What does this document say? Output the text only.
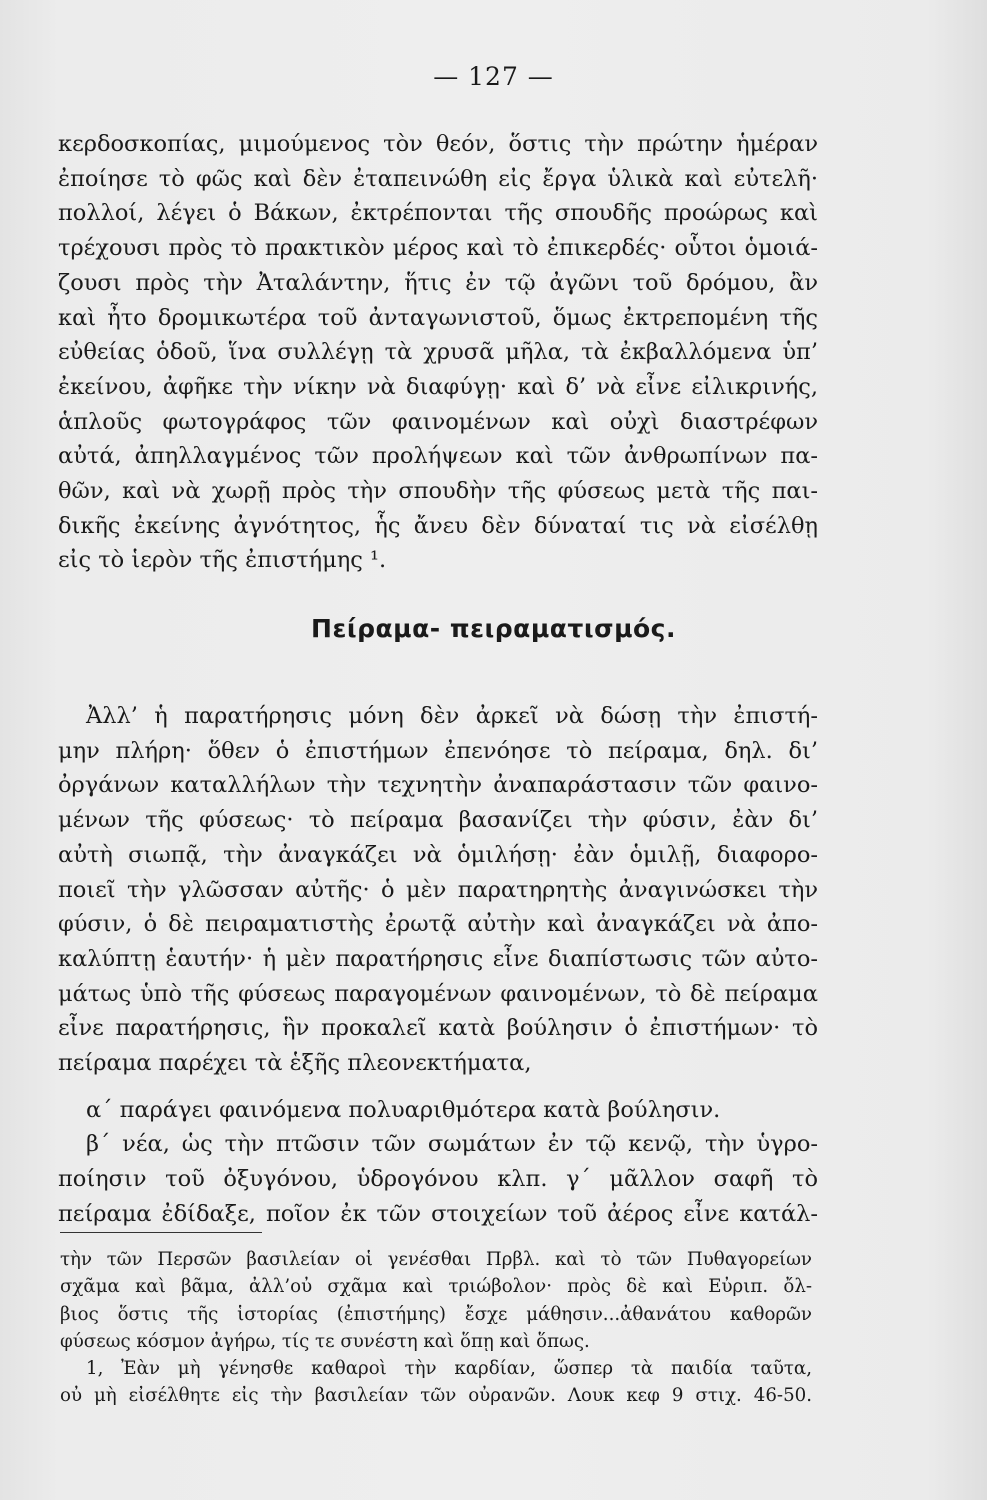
— 127 —
κερδοσκοπίας, μιμούμενος τὸν θεόν, ὅστις τὴν πρώτην ἡμέραν
ἐποίησε τὸ φῶς καὶ δὲν ἐταπεινώθη εἰς ἔργα ὑλικὰ καὶ εὐτελῆ·
πολλοί, λέγει ὁ Βάκων, ἐκτρέπονται τῆς σπουδῆς προώρως καὶ
τρέχουσι πρὸς τὸ πρακτικὸν μέρος καὶ τὸ ἐπικερδές· οὗτοι ὁμοιά-
ζουσι πρὸς τὴν Ἀταλάντην, ἥτις ἐν τῷ ἀγῶνι τοῦ δρόμου, ἂν
καὶ ἦτο δρομικωτέρα τοῦ ἀνταγωνιστοῦ, ὅμως ἐκτρεπομένη τῆς
εὐθείας ὁδοῦ, ἵνα συλλέγῃ τὰ χρυσᾶ μῆλα, τὰ ἐκβαλλόμενα ὑπ’
ἐκείνου, ἀφῆκε τὴν νίκην νὰ διαφύγῃ· καὶ δ’ νὰ εἶνε εἰλικρινής,
ἁπλοῦς φωτογράφος τῶν φαινομένων καὶ οὐχὶ διαστρέφων
αὐτά, ἀπηλλαγμένος τῶν προλήψεων καὶ τῶν ἀνθρωπίνων πα-
θῶν, καὶ νὰ χωρῇ πρὸς τὴν σπουδὴν τῆς φύσεως μετὰ τῆς παι-
δικῆς ἐκείνης ἀγνότητος, ἧς ἄνευ δὲν δύναταί τις νὰ εἰσέλθῃ
εἰς τὸ ἱερὸν τῆς ἐπιστήμης ¹.
Πείραμα- πειραματισμός.
Ἀλλ’ ἡ παρατήρησις μόνη δὲν ἀρκεῖ νὰ δώσῃ τὴν ἐπιστή-
μην πλήρη· ὅθεν ὁ ἐπιστήμων ἐπενόησε τὸ πείραμα, δηλ. δι’
ὀργάνων καταλλήλων τὴν τεχνητὴν ἀναπαράστασιν τῶν φαινο-
μένων τῆς φύσεως· τὸ πείραμα βασανίζει τὴν φύσιν, ἐὰν δι’
αὐτὴ σιωπᾷ, τὴν ἀναγκάζει νὰ ὁμιλήσῃ· ἐὰν ὁμιλῇ, διαφορο-
ποιεῖ τὴν γλῶσσαν αὐτῆς· ὁ μὲν παρατηρητὴς ἀναγινώσκει τὴν
φύσιν, ὁ δὲ πειραματιστὴς ἐρωτᾷ αὐτὴν καὶ ἀναγκάζει νὰ ἀπο-
καλύπτῃ ἑαυτήν· ἡ μὲν παρατήρησις εἶνε διαπίστωσις τῶν αὐτο-
μάτως ὑπὸ τῆς φύσεως παραγομένων φαινομένων, τὸ δὲ πείραμα
εἶνε παρατήρησις, ἣν προκαλεῖ κατὰ βούλησιν ὁ ἐπιστήμων· τὸ
πείραμα παρέχει τὰ ἑξῆς πλεονεκτήματα,
α΄ παράγει φαινόμενα πολυαριθμότερα κατὰ βούλησιν.
β΄ νέα, ὡς τὴν πτῶσιν τῶν σωμάτων ἐν τῷ κενῷ, τὴν ὑγρο-
ποίησιν τοῦ ὀξυγόνου, ὑδρογόνου κλπ. γ΄ μᾶλλον σαφῆ τὸ
πείραμα ἐδίδαξε, ποῖον ἐκ τῶν στοιχείων τοῦ ἀέρος εἶνε κατάλ-
τὴν τῶν Περσῶν βασιλείαν οἱ γενέσθαι Πρβλ. καὶ τὸ τῶν Πυθαγορείων
σχᾶμα καὶ βᾶμα, ἀλλ’οὐ σχᾶμα καὶ τριώβολον· πρὸς δὲ καὶ Εὐριπ. ὄλ-
βιος ὅστις τῆς ἱστορίας (ἐπιστήμης) ἔσχε μάθησιν...ἀθανάτου καθορῶν
φύσεως κόσμον ἀγήρω, τίς τε συνέστη καὶ ὅπῃ καὶ ὅπως.
1, Ἐὰν μὴ γένησθε καθαροὶ τὴν καρδίαν, ὥσπερ τὰ παιδία ταῦτα,
οὐ μὴ εἰσέλθητε εἰς τὴν βασιλείαν τῶν οὐρανῶν. Λουκ κεφ 9 στιχ. 46-50.
